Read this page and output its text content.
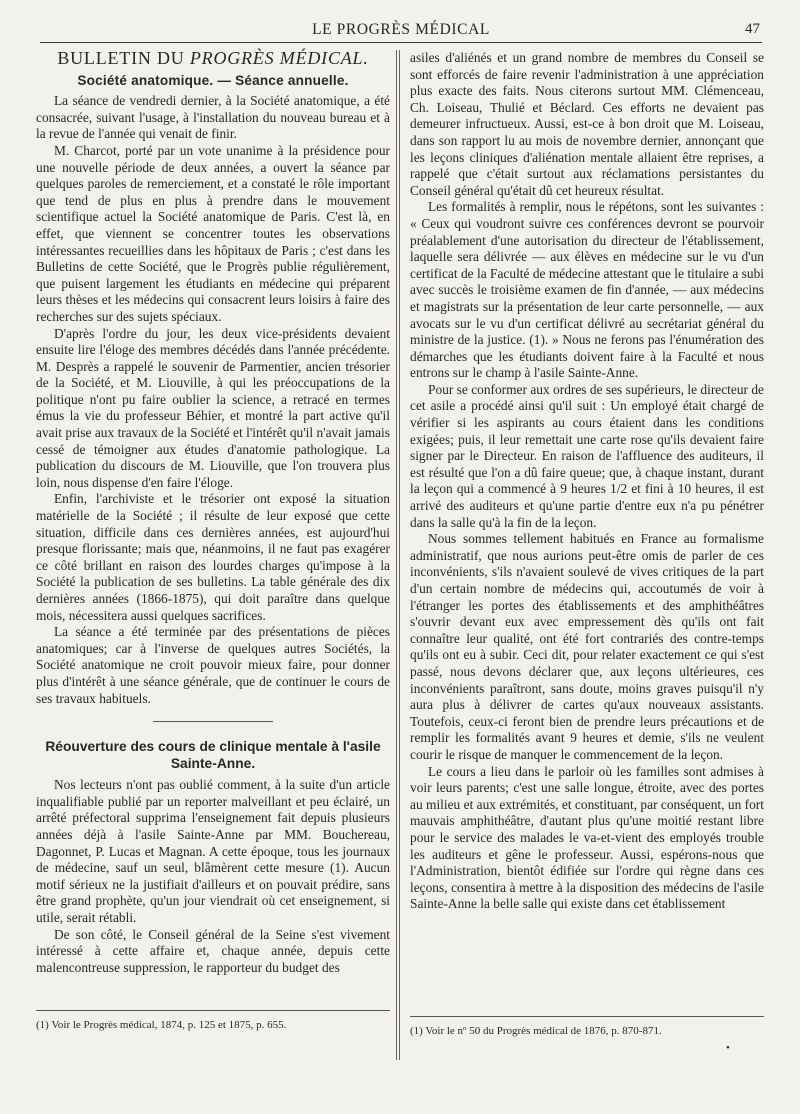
LE PROGRÈS MÉDICAL	47
BULLETIN DU PROGRÈS MÉDICAL.
Société anatomique. — Séance annuelle.

La séance de vendredi dernier, à la Société anatomique, a été consacrée, suivant l'usage, à l'installation du nouveau bureau et à la revue de l'année qui venait de finir.

M. Charcot, porté par un vote unanime à la présidence pour une nouvelle période de deux années, a ouvert la séance par quelques paroles de remerciement, et a constaté le rôle important que tend de plus en plus à prendre dans le mouvement scientifique actuel la Société anatomique de Paris. C'est là, en effet, que viennent se concentrer toutes les observations intéressantes recueillies dans les hôpitaux de Paris ; c'est dans les Bulletins de cette Société, que le Progrès publie régulièrement, que puisent largement les étudiants en médecine qui préparent leurs thèses et les médecins qui consacrent leurs loisirs à faire des recherches sur des sujets spéciaux.

D'après l'ordre du jour, les deux vice-présidents devaient ensuite lire l'éloge des membres décédés dans l'année précédente. M. Desprès a rappelé le souvenir de Parmentier, ancien trésorier de la Société, et M. Liouville, à qui les préoccupations de la politique n'ont pu faire oublier la science, a retracé en termes émus la vie du professeur Béhier, et montré la part active qu'il avait prise aux travaux de la Société et l'intérêt qu'il n'avait jamais cessé de témoigner aux études d'anatomie pathologique. La publication du discours de M. Liouville, que l'on trouvera plus loin, nous dispense d'en faire l'éloge.

Enfin, l'archiviste et le trésorier ont exposé la situation matérielle de la Société ; il résulte de leur exposé que cette situation, difficile dans ces dernières années, est aujourd'hui presque florissante; mais que, néanmoins, il ne faut pas exagérer ce côté brillant en raison des lourdes charges qu'impose à la Société la publication de ses bulletins. La table générale des dix dernières années (1866-1875), qui doit paraître dans quelque mois, nécessitera aussi quelques sacrifices.

La séance a été terminée par des présentations de pièces anatomiques; car à l'inverse de quelques autres Sociétés, la Société anatomique ne croit pouvoir mieux faire, pour donner plus d'intérêt à une séance générale, que de continuer le cours de ses travaux habituels.

Réouverture des cours de clinique mentale à l'asile Sainte-Anne.

Nos lecteurs n'ont pas oublié comment, à la suite d'un article inqualifiable publié par un reporter malveillant et peu éclairé, un arrêté préfectoral supprima l'enseignement fait depuis plusieurs années déjà à l'asile Sainte-Anne par MM. Bouchereau, Dagonnet, P. Lucas et Magnan. A cette époque, tous les journaux de médecine, sauf un seul, blâmèrent cette mesure (1). Aucun motif sérieux ne la justifiait d'ailleurs et on pouvait prédire, sans être grand prophète, qu'un jour viendrait où cet enseignement, si utile, serait rétabli.

De son côté, le Conseil général de la Seine s'est vivement intéressé à cette affaire et, chaque année, depuis cette malencontreuse suppression, le rapporteur du budget des

asiles d'aliénés et un grand nombre de membres du Conseil se sont efforcés de faire revenir l'administration à une appréciation plus exacte des faits. Nous citerons surtout MM. Clémenceau, Ch. Loiseau, Thulié et Béclard. Ces efforts ne devaient pas demeurer infructueux. Aussi, est-ce à bon droit que M. Loiseau, dans son rapport lu au mois de novembre dernier, annonçant que les leçons cliniques d'aliénation mentale allaient être reprises, a rappelé que c'était surtout aux réclamations persistantes du Conseil général qu'était dû cet heureux résultat.

Les formalités à remplir, nous le répétons, sont les suivantes : « Ceux qui voudront suivre ces conférences devront se pourvoir préalablement d'une autorisation du directeur de l'établissement, laquelle sera délivrée — aux élèves en médecine sur le vu d'un certificat de la Faculté de médecine attestant que le titulaire a subi avec succès le troisième examen de fin d'année, — aux médecins et magistrats sur la présentation de leur carte personnelle, — aux avocats sur le vu d'un certificat délivré au secrétariat général du ministre de la justice. (1). » Nous ne ferons pas l'énumération des démarches que les étudiants doivent faire à la Faculté et nous entrons sur le champ à l'asile Sainte-Anne.

Pour se conformer aux ordres de ses supérieurs, le directeur de cet asile a procédé ainsi qu'il suit : Un employé était chargé de vérifier si les aspirants au cours étaient dans les conditions exigées; puis, il leur remettait une carte rose qu'ils devaient faire signer par le Directeur. En raison de l'affluence des auditeurs, il est résulté que l'on a dû faire queue; que, à chaque instant, durant la leçon qui a commencé à 9 heures 1/2 et fini à 10 heures, il est arrivé des auditeurs et qu'une partie d'entre eux n'a pu pénétrer dans la salle qu'à la fin de la leçon.

Nous sommes tellement habitués en France au formalisme administratif, que nous aurions peut-être omis de parler de ces inconvénients, s'ils n'avaient soulevé de vives critiques de la part d'un certain nombre de médecins qui, accoutumés de voir à l'étranger les portes des établissements et des amphithéâtres s'ouvrir devant eux avec empressement dès qu'ils ont fait connaître leur qualité, ont été fort contrariés des contre-temps qu'ils ont eu à subir. Ceci dit, pour relater exactement ce qui s'est passé, nous devons déclarer que, aux leçons ultérieures, ces inconvénients paraîtront, sans doute, moins graves puisqu'il n'y aura plus à délivrer de cartes qu'aux nouveaux assistants. Toutefois, ceux-ci feront bien de prendre leurs précautions et de remplir les formalités avant 9 heures et demie, s'ils ne veulent courir le risque de manquer le commencement de la leçon.

Le cours a lieu dans le parloir où les familles sont admises à voir leurs parents; c'est une salle longue, étroite, avec des portes au milieu et aux extrémités, et constituant, par conséquent, un fort mauvais amphithéâtre, d'autant plus qu'une moitié restant libre pour le service des malades le va-et-vient des employés trouble les auditeurs et gêne le professeur. Aussi, espérons-nous que l'Administration, bientôt édifiée sur l'ordre qui règne dans ces leçons, consentira à mettre à la disposition des médecins de l'asile Sainte-Anne la belle salle qui existe dans cet établissement

(1) Voir le Progrès médical, 1874, p. 125 et 1875, p. 655.	(1) Voir le nº 50 du Progrès médical de 1876, p. 870-871.
•
